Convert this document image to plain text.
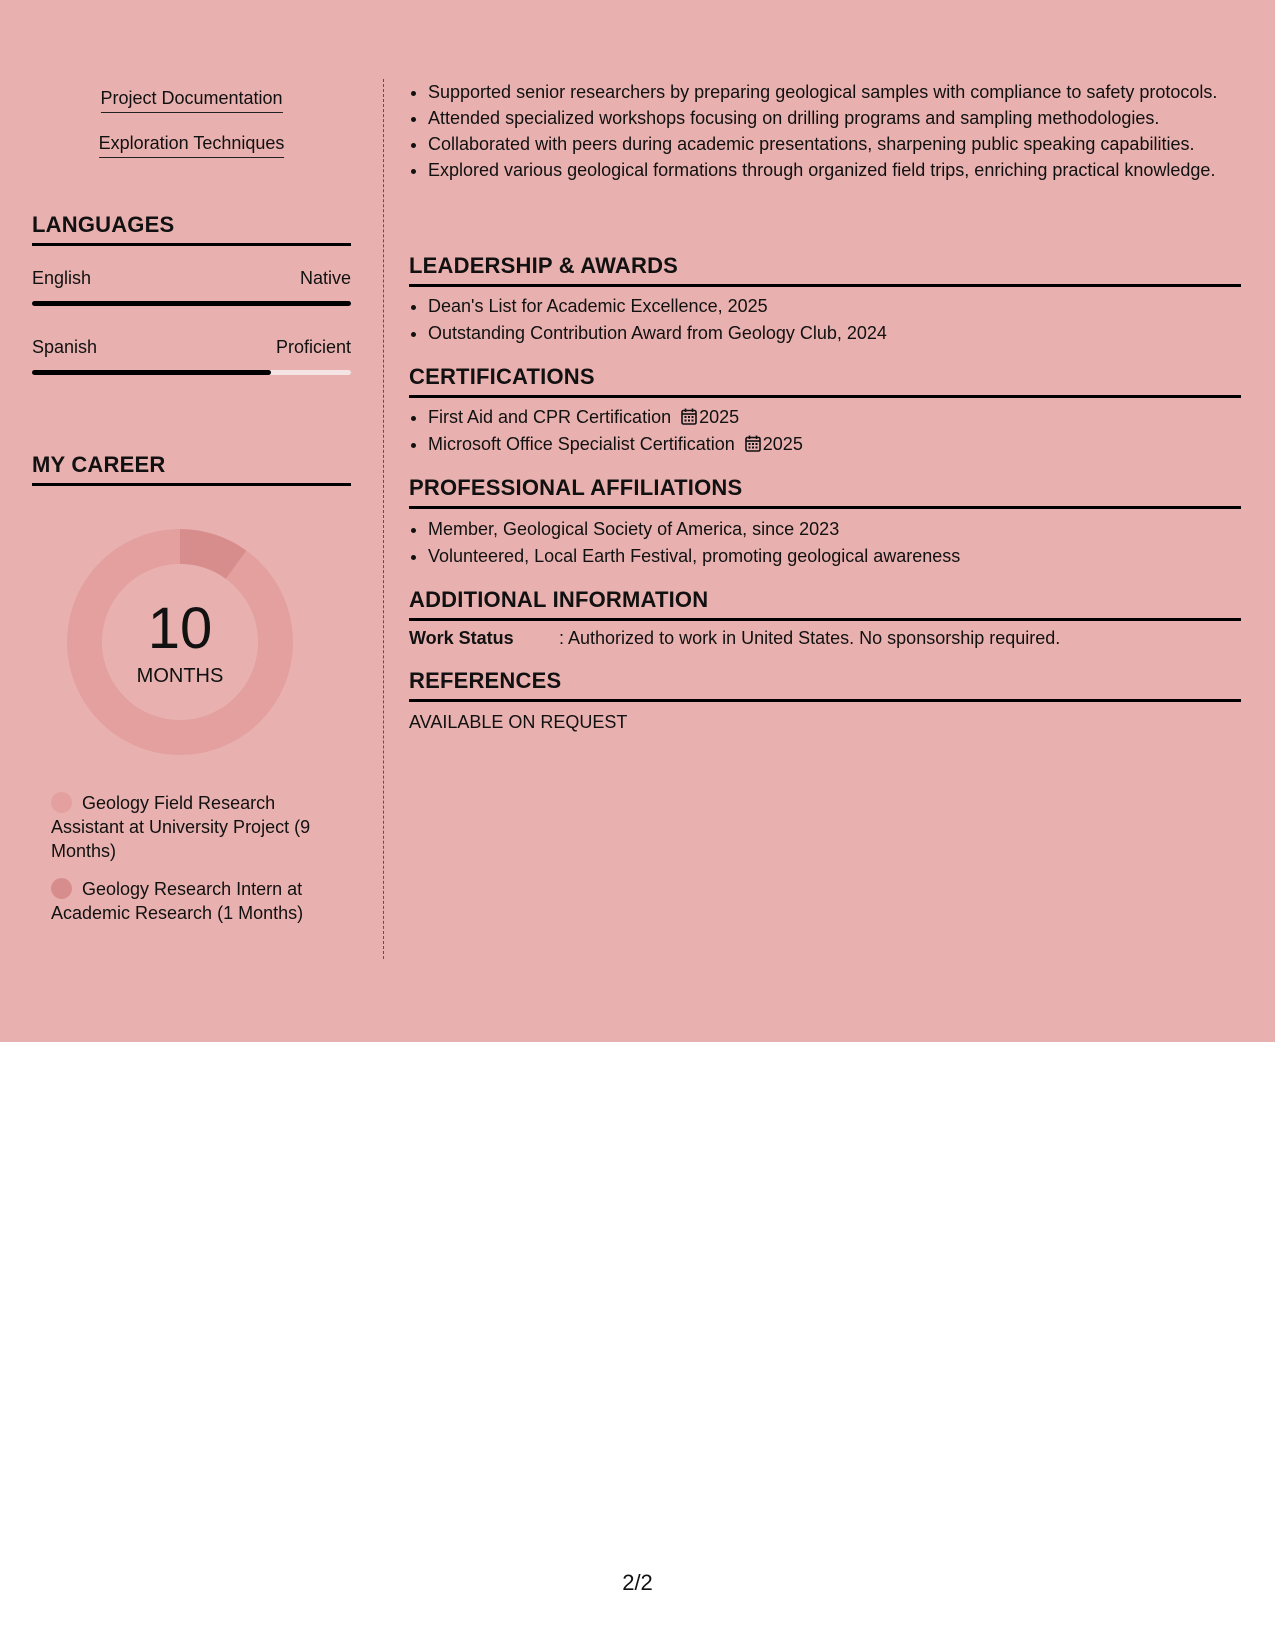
Project Documentation
Exploration Techniques
LANGUAGES
English	Native
Spanish	Proficient
MY CAREER
10
MONTHS
Geology Field Research Assistant at University Project (9 Months)
Geology Research Intern at Academic Research (1 Months)
• Supported senior researchers by preparing geological samples with compliance to safety protocols.
• Attended specialized workshops focusing on drilling programs and sampling methodologies.
• Collaborated with peers during academic presentations, sharpening public speaking capabilities.
• Explored various geological formations through organized field trips, enriching practical knowledge.
LEADERSHIP & AWARDS
• Dean's List for Academic Excellence, 2025
• Outstanding Contribution Award from Geology Club, 2024
CERTIFICATIONS
• First Aid and CPR Certification 2025
• Microsoft Office Specialist Certification 2025
PROFESSIONAL AFFILIATIONS
• Member, Geological Society of America, since 2023
• Volunteered, Local Earth Festival, promoting geological awareness
ADDITIONAL INFORMATION
Work Status	: Authorized to work in United States. No sponsorship required.
REFERENCES
AVAILABLE ON REQUEST
2/2
